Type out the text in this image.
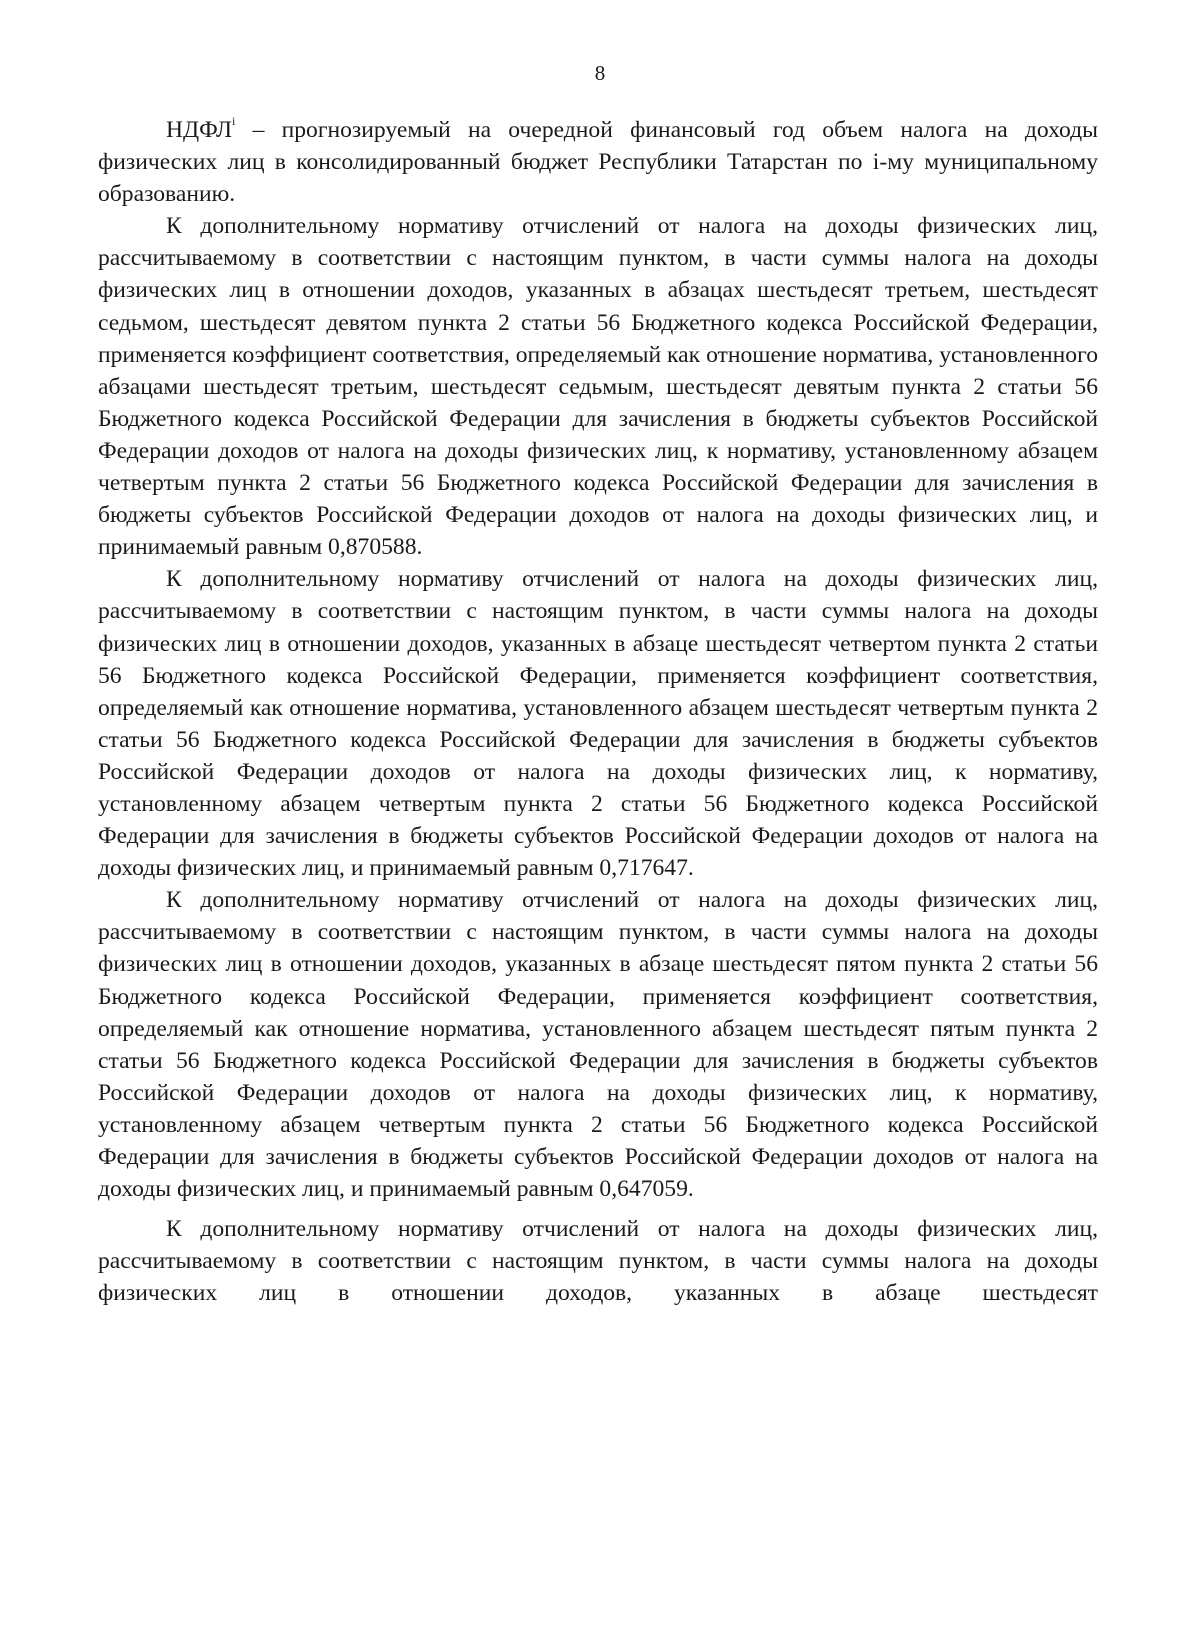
8

НДФЛ$^i$ – прогнозируемый на очередной финансовый год объем налога на доходы физических лиц в консолидированный бюджет Республики Татарстан по i-му муниципальному образованию.

К дополнительному нормативу отчислений от налога на доходы физических лиц, рассчитываемому в соответствии с настоящим пунктом, в части суммы налога на доходы физических лиц в отношении доходов, указанных в абзацах шестьдесят третьем, шестьдесят седьмом, шестьдесят девятом пункта 2 статьи 56 Бюджетного кодекса Российской Федерации, применяется коэффициент соответствия, определяемый как отношение норматива, установленного абзацами шестьдесят третьим, шестьдесят седьмым, шестьдесят девятым пункта 2 статьи 56 Бюджетного кодекса Российской Федерации для зачисления в бюджеты субъектов Российской Федерации доходов от налога на доходы физических лиц, к нормативу, установленному абзацем четвертым пункта 2 статьи 56 Бюджетного кодекса Российской Федерации для зачисления в бюджеты субъектов Российской Федерации доходов от налога на доходы физических лиц, и принимаемый равным 0,870588.

К дополнительному нормативу отчислений от налога на доходы физических лиц, рассчитываемому в соответствии с настоящим пунктом, в части суммы налога на доходы физических лиц в отношении доходов, указанных в абзаце шестьдесят четвертом пункта 2 статьи 56 Бюджетного кодекса Российской Федерации, применяется коэффициент соответствия, определяемый как отношение норматива, установленного абзацем шестьдесят четвертым пункта 2 статьи 56 Бюджетного кодекса Российской Федерации для зачисления в бюджеты субъектов Российской Федерации доходов от налога на доходы физических лиц, к нормативу, установленному абзацем четвертым пункта 2 статьи 56 Бюджетного кодекса Российской Федерации для зачисления в бюджеты субъектов Российской Федерации доходов от налога на доходы физических лиц, и принимаемый равным 0,717647.

К дополнительному нормативу отчислений от налога на доходы физических лиц, рассчитываемому в соответствии с настоящим пунктом, в части суммы налога на доходы физических лиц в отношении доходов, указанных в абзаце шестьдесят пятом пункта 2 статьи 56 Бюджетного кодекса Российской Федерации, применяется коэффициент соответствия, определяемый как отношение норматива, установленного абзацем шестьдесят пятым пункта 2 статьи 56 Бюджетного кодекса Российской Федерации для зачисления в бюджеты субъектов Российской Федерации доходов от налога на доходы физических лиц, к нормативу, установленному абзацем четвертым пункта 2 статьи 56 Бюджетного кодекса Российской Федерации для зачисления в бюджеты субъектов Российской Федерации доходов от налога на доходы физических лиц, и принимаемый равным 0,647059.

К дополнительному нормативу отчислений от налога на доходы физических лиц, рассчитываемому в соответствии с настоящим пунктом, в части суммы налога на доходы физических лиц в отношении доходов, указанных в абзаце шестьдесят
